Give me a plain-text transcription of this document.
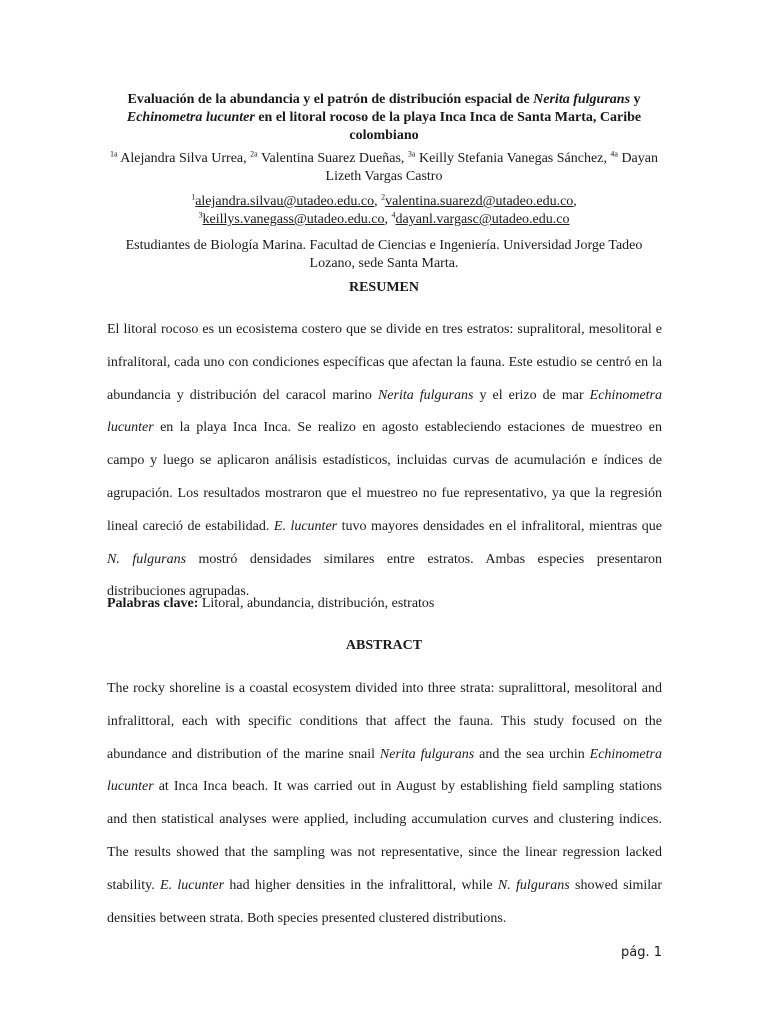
Evaluación de la abundancia y el patrón de distribución espacial de Nerita fulgurans y
Echinometra lucunter en el litoral rocoso de la playa Inca Inca de Santa Marta, Caribe colombiano
$^{1a}$ Alejandra Silva Urrea, $^{2a}$ Valentina Suarez Dueñas, $^{3a}$ Keilly Stefania Vanegas Sánchez, $^{4a}$ Dayan Lizeth Vargas Castro
$^1$alejandra.silvau@utadeo.edu.co, $^2$valentina.suarezd@utadeo.edu.co,
$^3$keillys.vanegass@utadeo.edu.co, $^4$dayanl.vargasc@utadeo.edu.co
Estudiantes de Biología Marina. Facultad de Ciencias e Ingeniería. Universidad Jorge Tadeo Lozano, sede Santa Marta.
RESUMEN
El litoral rocoso es un ecosistema costero que se divide en tres estratos: supralitoral, mesolitoral e infralitoral, cada uno con condiciones específicas que afectan la fauna. Este estudio se centró en la abundancia y distribución del caracol marino Nerita fulgurans y el erizo de mar Echinometra lucunter en la playa Inca Inca. Se realizo en agosto estableciendo estaciones de muestreo en campo y luego se aplicaron análisis estadísticos, incluidas curvas de acumulación e índices de agrupación. Los resultados mostraron que el muestreo no fue representativo, ya que la regresión lineal careció de estabilidad. E. lucunter tuvo mayores densidades en el infralitoral, mientras que N. fulgurans mostró densidades similares entre estratos. Ambas especies presentaron distribuciones agrupadas.
Palabras clave: Litoral, abundancia, distribución, estratos
ABSTRACT
The rocky shoreline is a coastal ecosystem divided into three strata: supralittoral, mesolitoral and infralittoral, each with specific conditions that affect the fauna. This study focused on the abundance and distribution of the marine snail Nerita fulgurans and the sea urchin Echinometra lucunter at Inca Inca beach. It was carried out in August by establishing field sampling stations and then statistical analyses were applied, including accumulation curves and clustering indices. The results showed that the sampling was not representative, since the linear regression lacked stability. E. lucunter had higher densities in the infralittoral, while N. fulgurans showed similar densities between strata. Both species presented clustered distributions.
pág. 1
